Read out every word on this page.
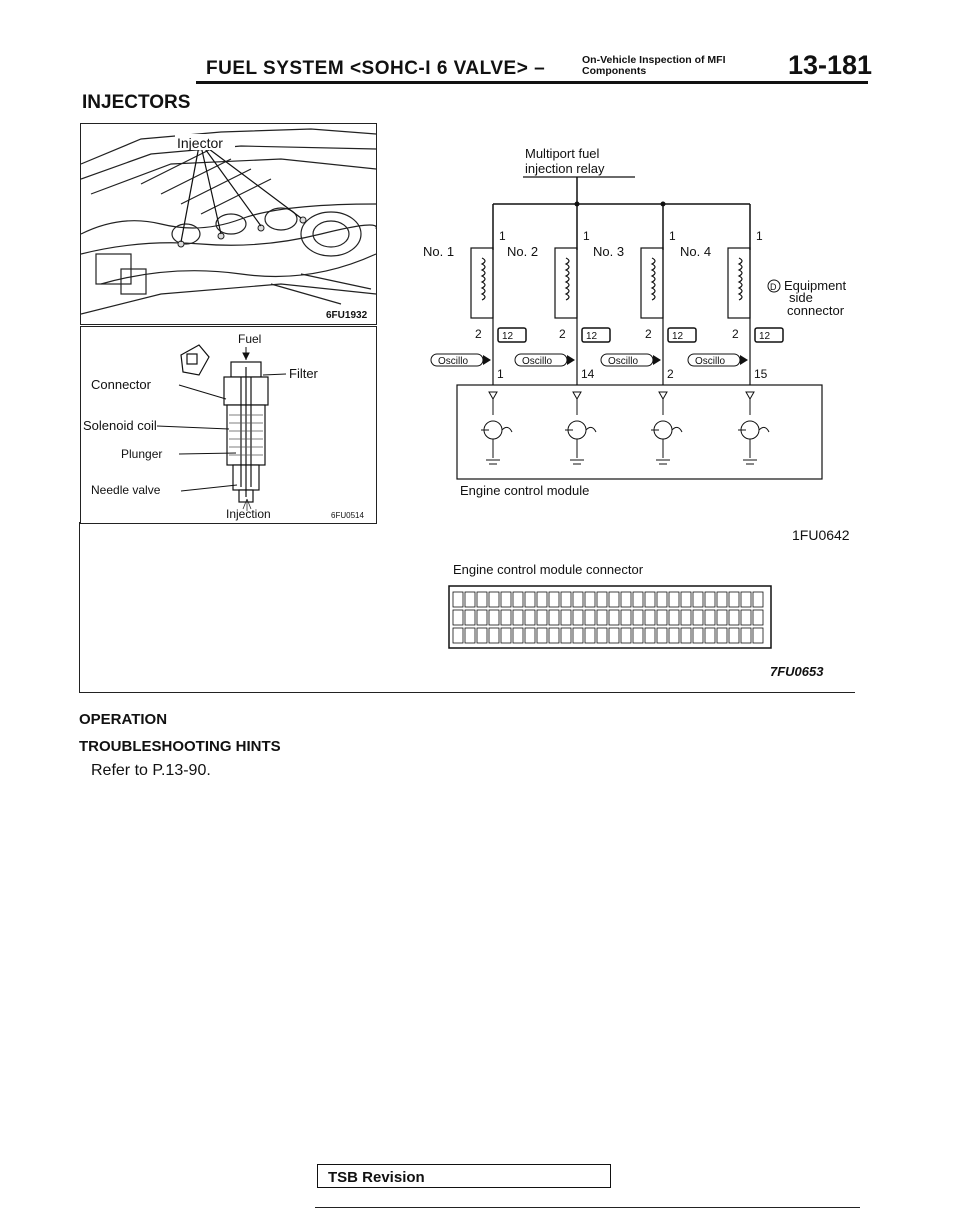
FUEL SYSTEM <SOHC-I 6 VALVE> –	On-Vehicle Inspection of MFI
Components	13-181
INJECTORS
Injector
6FU1932
Fuel
Filter
Connector
Solenoid coil
Plunger
Needle valve
Injection	6FU0514
Multiport fuel
injection relay
Engine control module
D Equipment
side
connector
1FU0642
No. 1
1
2 12
Oscillo
1
No. 2
1
2 12
Oscillo
14
No. 3
1
2 12
Oscillo
2
No. 4
1
2 12
Oscillo
15
Engine control module connector
7FU0653
OPERATION
TROUBLESHOOTING HINTS
Refer to P.13-90.
TSB Revision
